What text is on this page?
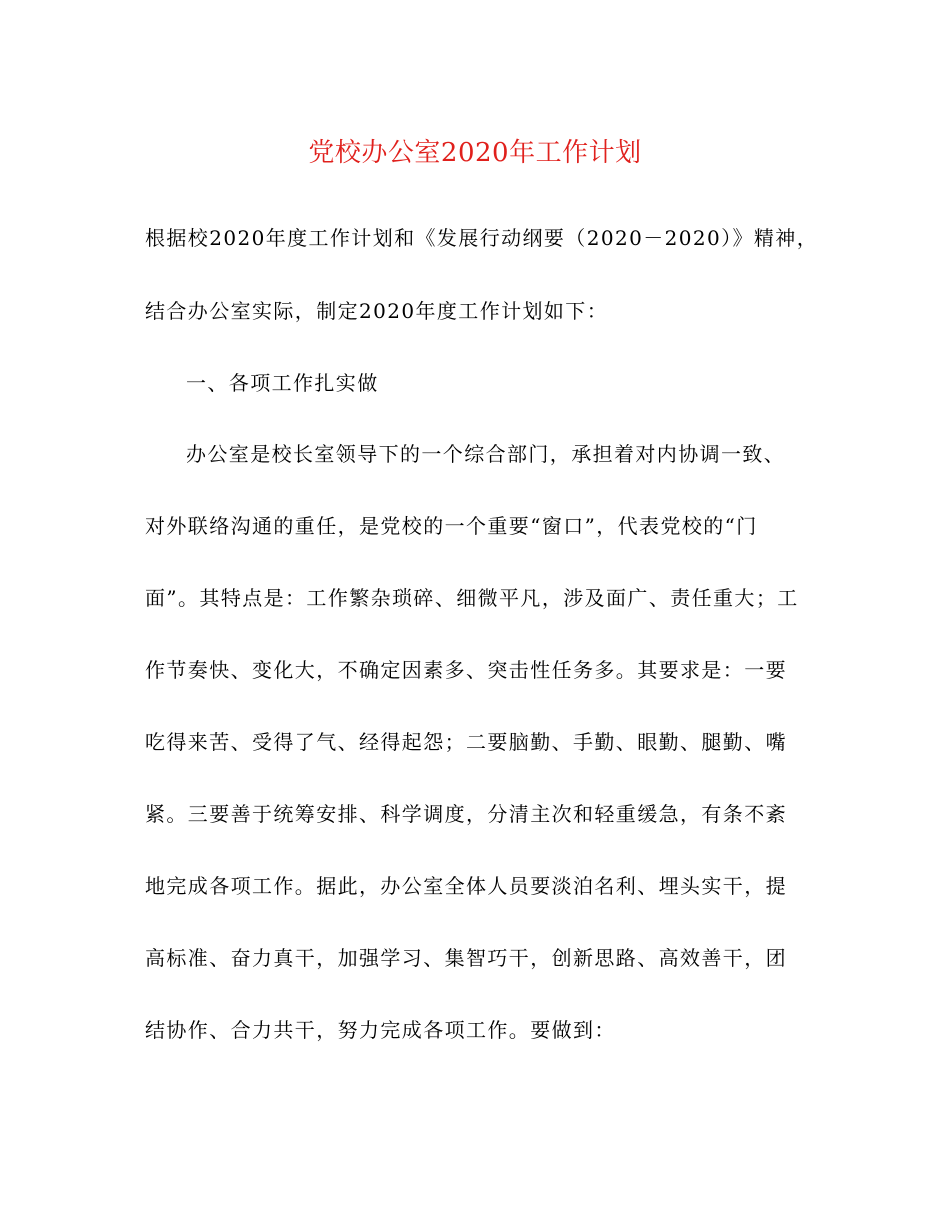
党校办公室2020年工作计划
根据校2020年度工作计划和《发展行动纲要（2020－2020）》精神，
结合办公室实际，制定2020年度工作计划如下：
一、各项工作扎实做
办公室是校长室领导下的一个综合部门，承担着对内协调一致、
对外联络沟通的重任，是党校的一个重要“窗口”，代表党校的“门
面”。其特点是：工作繁杂琐碎、细微平凡，涉及面广、责任重大；工
作节奏快、变化大，不确定因素多、突击性任务多。其要求是：一要
吃得来苦、受得了气、经得起怨；二要脑勤、手勤、眼勤、腿勤、嘴
紧。三要善于统筹安排、科学调度，分清主次和轻重缓急，有条不紊
地完成各项工作。据此，办公室全体人员要淡泊名利、埋头实干，提
高标准、奋力真干，加强学习、集智巧干，创新思路、高效善干，团
结协作、合力共干，努力完成各项工作。要做到：
